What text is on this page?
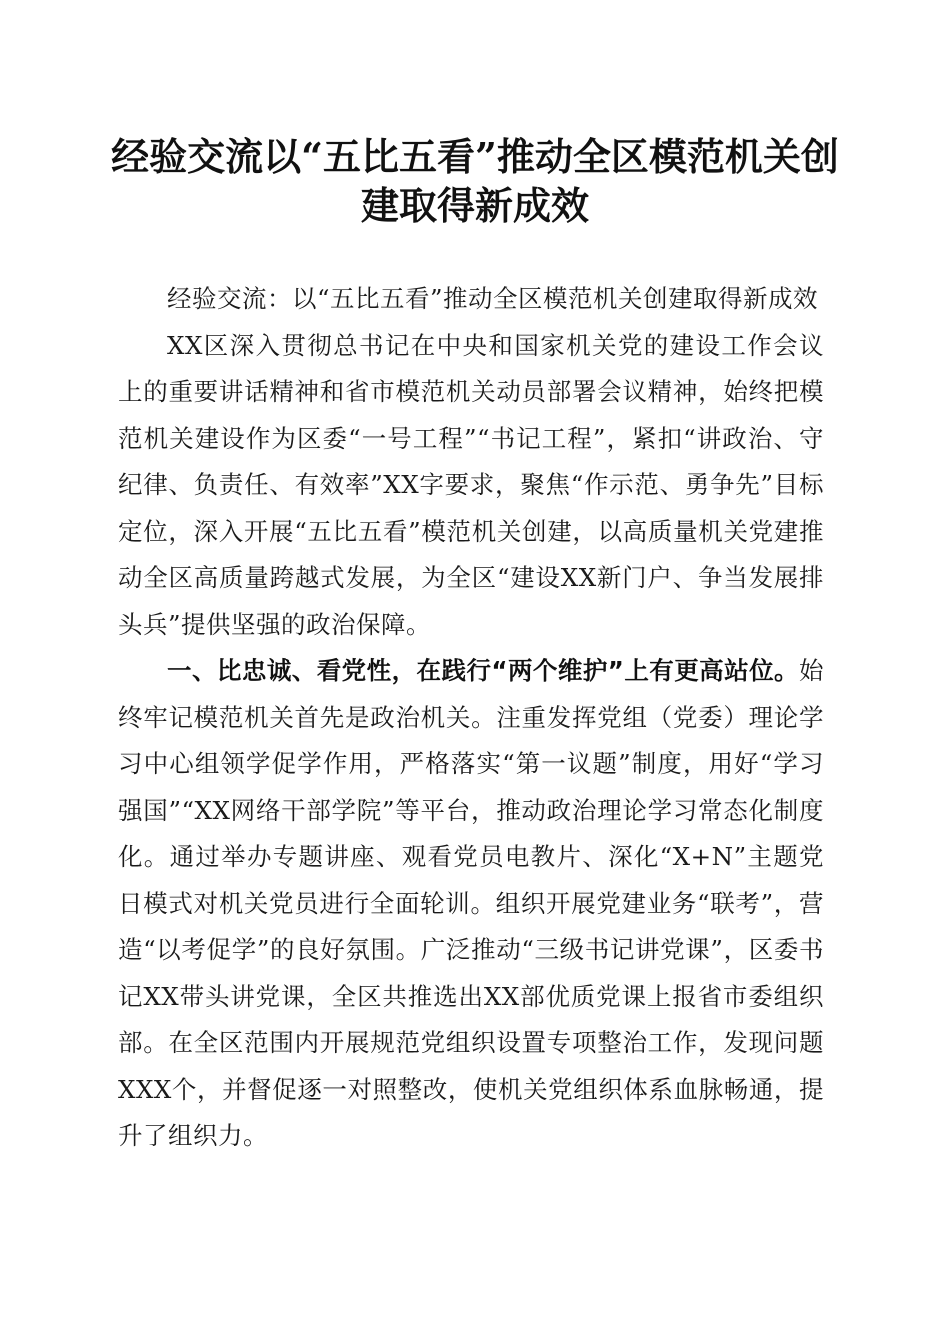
经验交流以“五比五看”推动全区模范机关创建取得新成效

经验交流：以“五比五看”推动全区模范机关创建取得新成效

XX区深入贯彻总书记在中央和国家机关党的建设工作会议上的重要讲话精神和省市模范机关动员部署会议精神，始终把模范机关建设作为区委“一号工程”“书记工程”，紧扣“讲政治、守纪律、负责任、有效率”XX字要求，聚焦“作示范、勇争先”目标定位，深入开展“五比五看”模范机关创建，以高质量机关党建推动全区高质量跨越式发展，为全区“建设XX新门户、争当发展排头兵”提供坚强的政治保障。

一、比忠诚、看党性，在践行“两个维护”上有更高站位。始终牢记模范机关首先是政治机关。注重发挥党组（党委）理论学习中心组领学促学作用，严格落实“第一议题”制度，用好“学习强国”“XX网络干部学院”等平台，推动政治理论学习常态化制度化。通过举办专题讲座、观看党员电教片、深化“X+N”主题党日模式对机关党员进行全面轮训。组织开展党建业务“联考”，营造“以考促学”的良好氛围。广泛推动“三级书记讲党课”，区委书记XX带头讲党课，全区共推选出XX部优质党课上报省市委组织部。在全区范围内开展规范党组织设置专项整治工作，发现问题XXX个，并督促逐一对照整改，使机关党组织体系血脉畅通，提升了组织力。
